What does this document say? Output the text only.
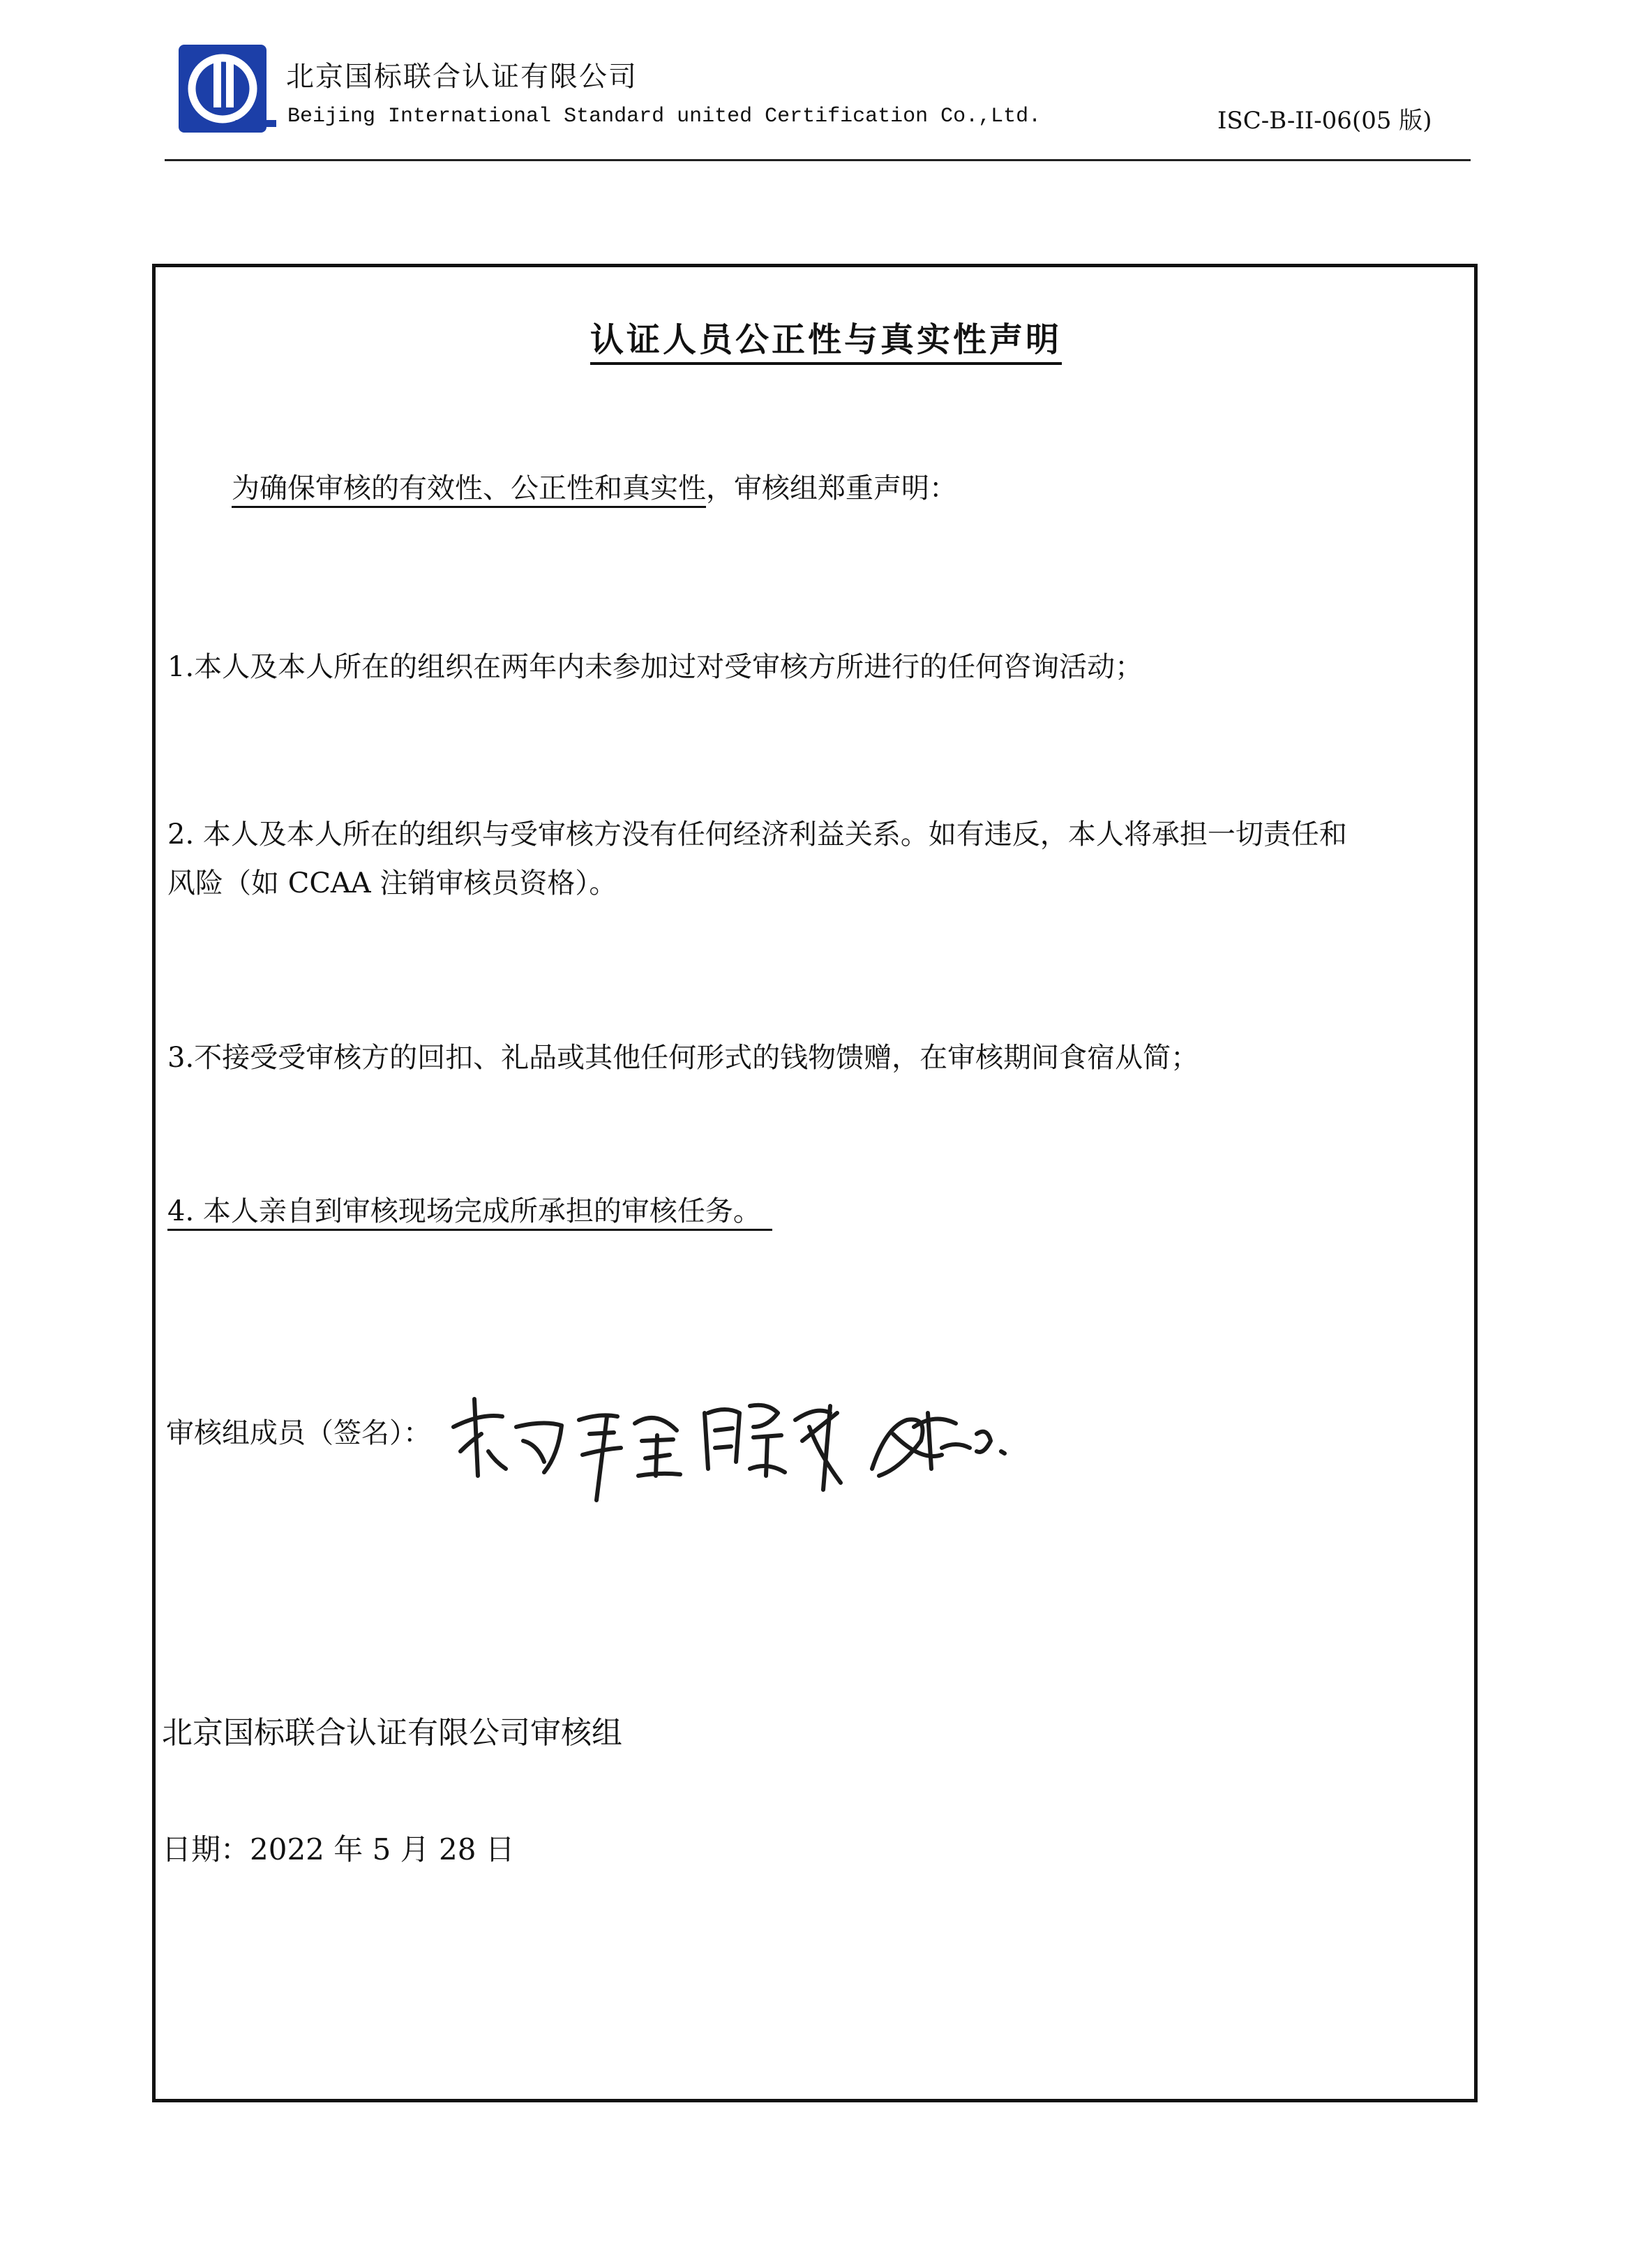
北京国标联合认证有限公司
Beijing International Standard united Certification Co.,Ltd.	ISC-B-II-06(05 版)
认证人员公正性与真实性声明
为确保审核的有效性、公正性和真实性，审核组郑重声明：
1.本人及本人所在的组织在两年内未参加过对受审核方所进行的任何咨询活动；
2. 本人及本人所在的组织与受审核方没有任何经济利益关系。如有违反，本人将承担一切责任和
风险（如 CCAA 注销审核员资格）。
3.不接受受审核方的回扣、礼品或其他任何形式的钱物馈赠，在审核期间食宿从简；
4. 本人亲自到审核现场完成所承担的审核任务。
审核组成员（签名）：
北京国标联合认证有限公司审核组
日期：2022 年 5 月 28 日
